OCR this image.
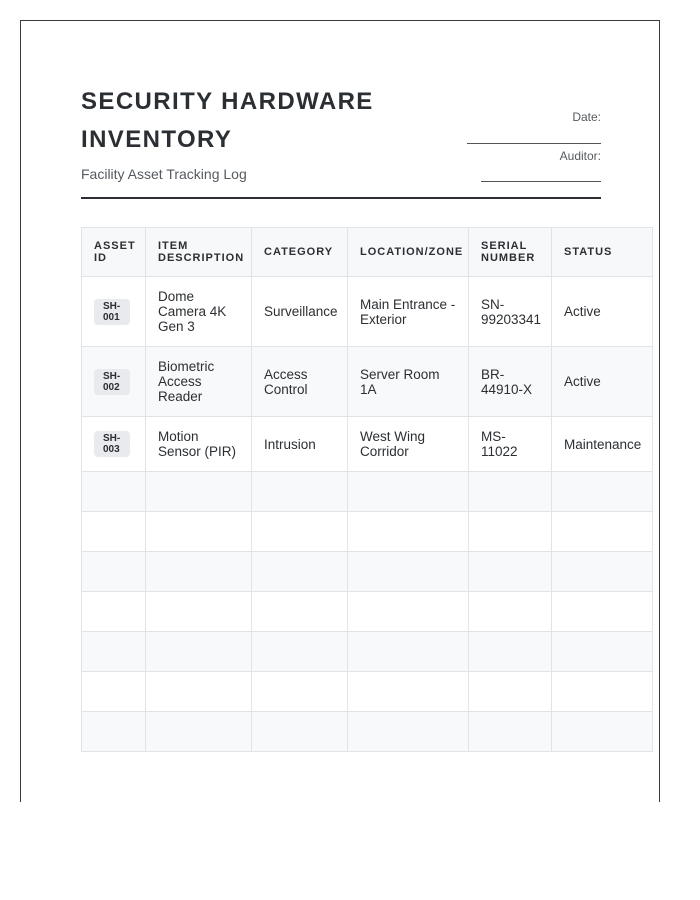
SECURITY HARDWARE INVENTORY
Facility Asset Tracking Log
Date:
Auditor:
ASSET ID	ITEM DESCRIPTION	CATEGORY	LOCATION/ZONE	SERIAL NUMBER	STATUS
SH-001	Dome Camera 4K Gen 3	Surveillance	Main Entrance - Exterior	SN-99203341	Active
SH-002	Biometric Access Reader	Access Control	Server Room 1A	BR-44910-X	Active
SH-003	Motion Sensor (PIR)	Intrusion	West Wing Corridor	MS-11022	Maintenance
